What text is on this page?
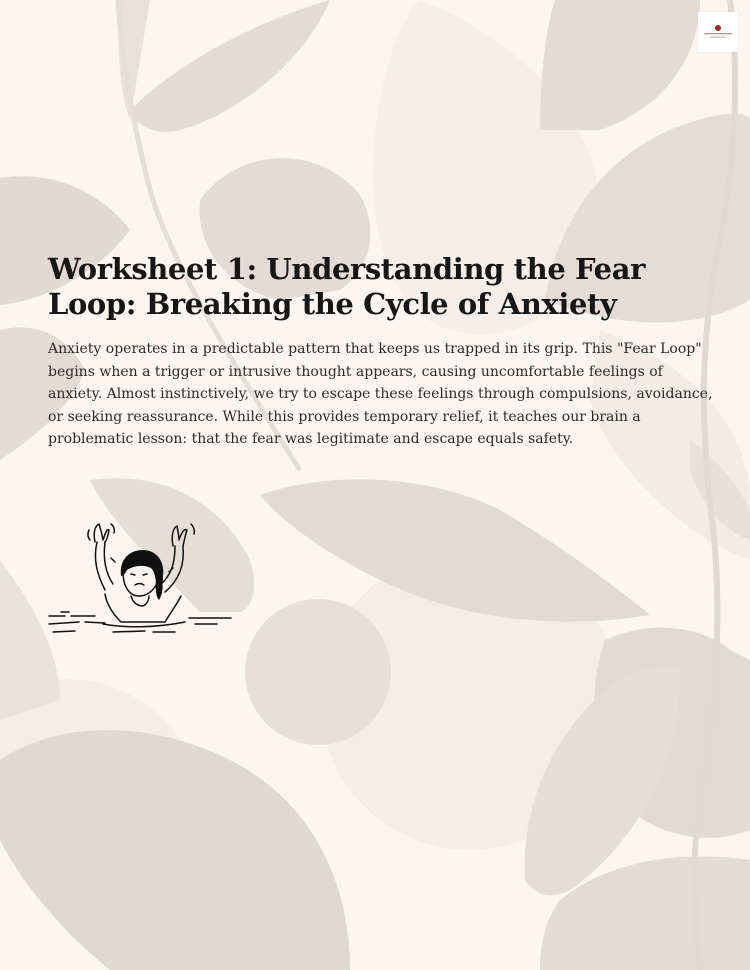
Worksheet 1: Understanding the Fear Loop: Breaking the Cycle of Anxiety

Anxiety operates in a predictable pattern that keeps us trapped in its grip. This "Fear Loop" begins when a trigger or intrusive thought appears, causing uncomfortable feelings of anxiety. Almost instinctively, we try to escape these feelings through compulsions, avoidance, or seeking reassurance. While this provides temporary relief, it teaches our brain a problematic lesson: that the fear was legitimate and escape equals safety.
